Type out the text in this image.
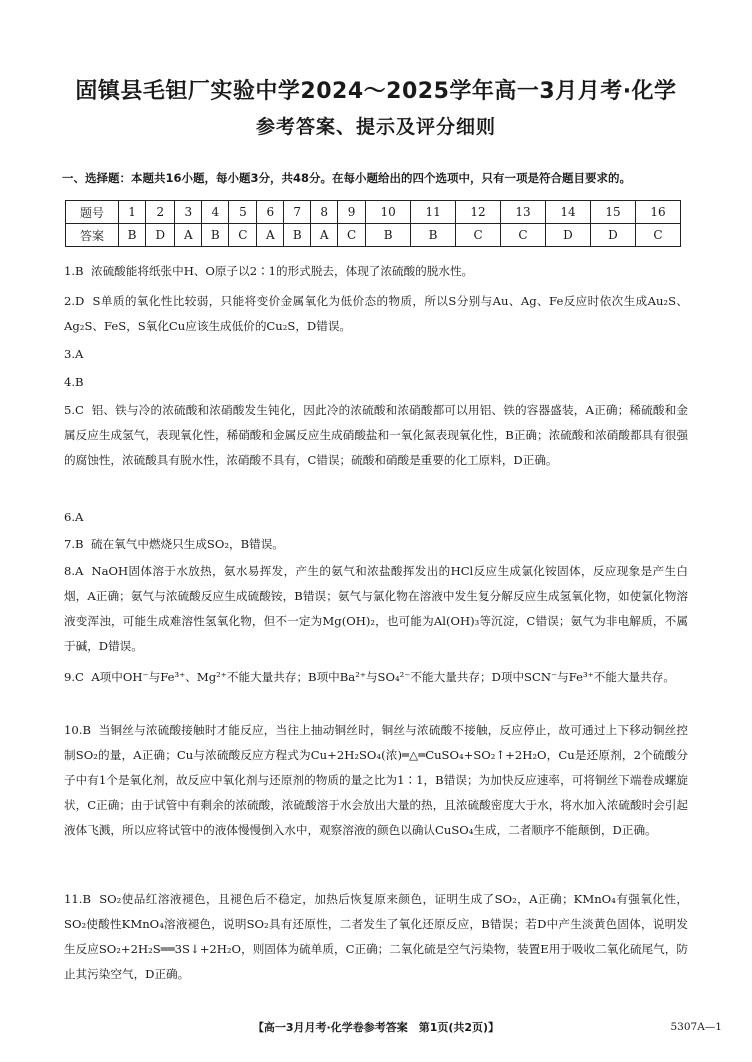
固镇县毛钽厂实验中学2024～2025学年高一3月月考·化学
参考答案、提示及评分细则
一、选择题：本题共16小题，每小题3分，共48分。在每小题给出的四个选项中，只有一项是符合题目要求的。
题号	1	2	3	4	5	6	7	8	9	10	11	12	13	14	15	16
答案	B	D	A	B	C	A	B	A	C	B	B	C	C	D	D	C
1.B 浓硫酸能将纸张中H、O原子以2∶1的形式脱去，体现了浓硫酸的脱水性。
2.D S单质的氧化性比较弱，只能将变价金属氧化为低价态的物质，所以S分别与Au、Ag、Fe反应时依次生成Au₂S、Ag₂S、FeS，S氧化Cu应该生成低价的Cu₂S，D错误。
3.A
4.B
5.C 铝、铁与冷的浓硫酸和浓硝酸发生钝化，因此冷的浓硫酸和浓硝酸都可以用铝、铁的容器盛装，A正确；稀硫酸和金属反应生成氢气，表现氧化性，稀硝酸和金属反应生成硝酸盐和一氧化氮表现氧化性，B正确；浓硫酸和浓硝酸都具有很强的腐蚀性，浓硫酸具有脱水性，浓硝酸不具有，C错误；硫酸和硝酸是重要的化工原料，D正确。
6.A
7.B 硫在氧气中燃烧只生成SO₂，B错误。
8.A NaOH固体溶于水放热，氨水易挥发，产生的氨气和浓盐酸挥发出的HCl反应生成氯化铵固体，反应现象是产生白烟，A正确；氨气与浓硫酸反应生成硫酸铵，B错误；氨气与氯化物在溶液中发生复分解反应生成氢氧化物，如使氯化物溶液变浑浊，可能生成难溶性氢氧化物，但不一定为Mg(OH)₂，也可能为Al(OH)₃等沉淀，C错误；氨气为非电解质，不属于碱，D错误。
9.C A项中OH⁻与Fe³⁺、Mg²⁺不能大量共存；B项中Ba²⁺与SO₄²⁻不能大量共存；D项中SCN⁻与Fe³⁺不能大量共存。
10.B 当铜丝与浓硫酸接触时才能反应，当往上抽动铜丝时，铜丝与浓硫酸不接触，反应停止，故可通过上下移动铜丝控制SO₂的量，A正确；Cu与浓硫酸反应方程式为Cu+2H₂SO₄(浓)═△═CuSO₄+SO₂↑+2H₂O，Cu是还原剂，2个硫酸分子中有1个是氧化剂，故反应中氧化剂与还原剂的物质的量之比为1∶1，B错误；为加快反应速率，可将铜丝下端卷成螺旋状，C正确；由于试管中有剩余的浓硫酸，浓硫酸溶于水会放出大量的热，且浓硫酸密度大于水，将水加入浓硫酸时会引起液体飞溅，所以应将试管中的液体慢慢倒入水中，观察溶液的颜色以确认CuSO₄生成，二者顺序不能颠倒，D正确。
11.B SO₂使品红溶液褪色，且褪色后不稳定，加热后恢复原来颜色，证明生成了SO₂，A正确；KMnO₄有强氧化性，SO₂使酸性KMnO₄溶液褪色，说明SO₂具有还原性，二者发生了氧化还原反应，B错误；若D中产生淡黄色固体，说明发生反应SO₂+2H₂S══3S↓+2H₂O，则固体为硫单质，C正确；二氧化硫是空气污染物，装置E用于吸收二氧化硫尾气，防止其污染空气，D正确。
【高一3月月考·化学卷参考答案　第1页(共2页)】	5307A—1
